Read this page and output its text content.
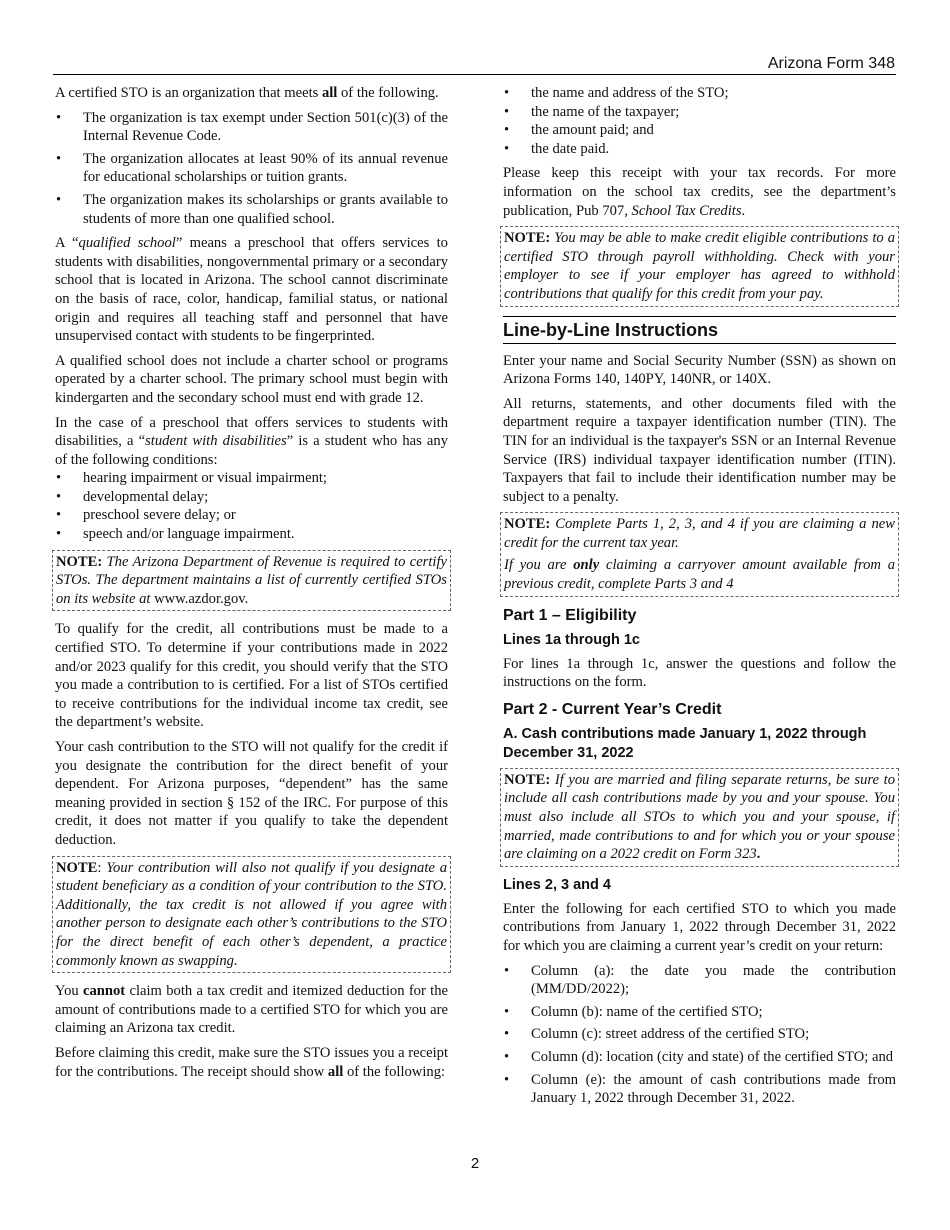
Arizona Form 348

A certified STO is an organization that meets all of the following.

• The organization is tax exempt under Section 501(c)(3) of the Internal Revenue Code.
• The organization allocates at least 90% of its annual revenue for educational scholarships or tuition grants.
• The organization makes its scholarships or grants available to students of more than one qualified school.

A “qualified school” means a preschool that offers services to students with disabilities, nongovernmental primary or a secondary school that is located in Arizona. The school cannot discriminate on the basis of race, color, handicap, familial status, or national origin and requires all teaching staff and personnel that have unsupervised contact with students to be fingerprinted.

A qualified school does not include a charter school or programs operated by a charter school. The primary school must begin with kindergarten and the secondary school must end with grade 12.

In the case of a preschool that offers services to students with disabilities, a “student with disabilities” is a student who has any of the following conditions:

• hearing impairment or visual impairment;
• developmental delay;
• preschool severe delay; or
• speech and/or language impairment.

NOTE: The Arizona Department of Revenue is required to certify STOs. The department maintains a list of currently certified STOs on its website at www.azdor.gov.

To qualify for the credit, all contributions must be made to a certified STO. To determine if your contributions made in 2022 and/or 2023 qualify for this credit, you should verify that the STO you made a contribution to is certified. For a list of STOs certified to receive contributions for the individual income tax credit, see the department’s website.

Your cash contribution to the STO will not qualify for the credit if you designate the contribution for the direct benefit of your dependent. For Arizona purposes, “dependent” has the same meaning provided in section § 152 of the IRC. For purpose of this credit, it does not matter if you qualify to take the dependent deduction.

NOTE: Your contribution will also not qualify if you designate a student beneficiary as a condition of your contribution to the STO. Additionally, the tax credit is not allowed if you agree with another person to designate each other’s contributions to the STO for the direct benefit of each other’s dependent, a practice commonly known as swapping.

You cannot claim both a tax credit and itemized deduction for the amount of contributions made to a certified STO for which you are claiming an Arizona tax credit.

Before claiming this credit, make sure the STO issues you a receipt for the contributions. The receipt should show all of the following:

• the name and address of the STO;
• the name of the taxpayer;
• the amount paid; and
• the date paid.

Please keep this receipt with your tax records. For more information on the school tax credits, see the department’s publication, Pub 707, School Tax Credits.

NOTE: You may be able to make credit eligible contributions to a certified STO through payroll withholding. Check with your employer to see if your employer has agreed to withhold contributions that qualify for this credit from your pay.

Line-by-Line Instructions

Enter your name and Social Security Number (SSN) as shown on Arizona Forms 140, 140PY, 140NR, or 140X.

All returns, statements, and other documents filed with the department require a taxpayer identification number (TIN). The TIN for an individual is the taxpayer's SSN or an Internal Revenue Service (IRS) individual taxpayer identification number (ITIN). Taxpayers that fail to include their identification number may be subject to a penalty.

NOTE: Complete Parts 1, 2, 3, and 4 if you are claiming a new credit for the current tax year.

If you are only claiming a carryover amount available from a previous credit, complete Parts 3 and 4

Part 1 – Eligibility
Lines 1a through 1c

For lines 1a through 1c, answer the questions and follow the instructions on the form.

Part 2 - Current Year’s Credit
A. Cash contributions made January 1, 2022 through December 31, 2022

NOTE: If you are married and filing separate returns, be sure to include all cash contributions made by you and your spouse. You must also include all STOs to which you and your spouse, if married, made contributions to and for which you or your spouse are claiming on a 2022 credit on Form 323.

Lines 2, 3 and 4

Enter the following for each certified STO to which you made contributions from January 1, 2022 through December 31, 2022 for which you are claiming a current year’s credit on your return:

• Column (a): the date you made the contribution (MM/DD/2022);
• Column (b): name of the certified STO;
• Column (c): street address of the certified STO;
• Column (d): location (city and state) of the certified STO; and
• Column (e): the amount of cash contributions made from January 1, 2022 through December 31, 2022.
2
